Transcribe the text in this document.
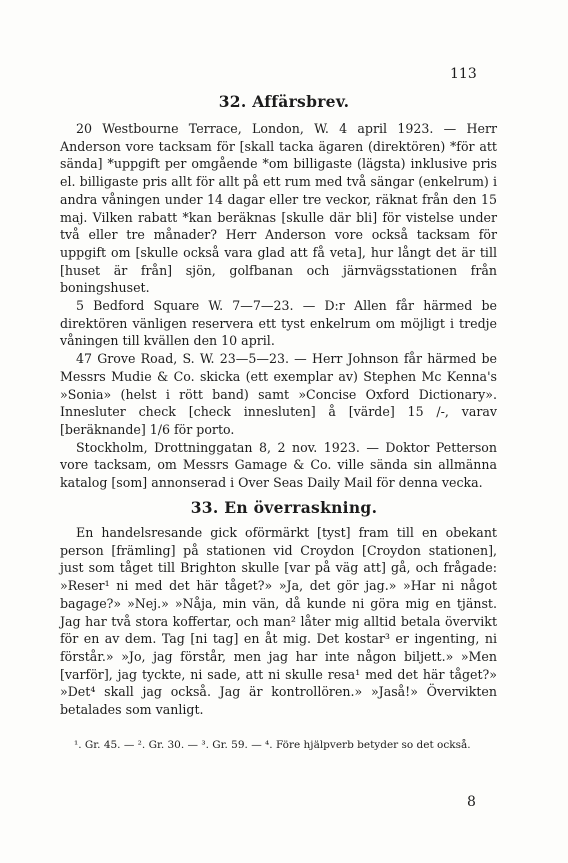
113
32. Affärsbrev.

20 Westbourne Terrace, London, W. 4 april 1923. — Herr Anderson vore tacksam för [skall tacka ägaren (direktören) *för att sända] *uppgift per omgående *om billigaste (lägsta) inklusive pris el. billigaste pris allt för allt på ett rum med två sängar (enkelrum) i andra våningen under 14 dagar eller tre veckor, räknat från den 15 maj. Vilken rabatt *kan beräknas [skulle där bli] för vistelse under två eller tre månader? Herr Anderson vore också tacksam för uppgift om [skulle också vara glad att få veta], hur långt det är till [huset är från] sjön, golfbanan och järnvägsstationen från boningshuset.

5 Bedford Square W. 7—7—23. — D:r Allen får härmed be direktören vänligen reservera ett tyst enkelrum om möjligt i tredje våningen till kvällen den 10 april.

47 Grove Road, S. W. 23—5—23. — Herr Johnson får härmed be Messrs Mudie & Co. skicka (ett exemplar av) Stephen Mc Kenna's »Sonia» (helst i rött band) samt »Concise Oxford Dictionary». Innesluter check [check innesluten] å [värde] 15 /-, varav [beräknande] 1/6 för porto.

Stockholm, Drottninggatan 8, 2 nov. 1923. — Doktor Petterson vore tacksam, om Messrs Gamage & Co. ville sända sin allmänna katalog [som] annonserad i Over Seas Daily Mail för denna vecka.

33. En överraskning.

En handelsresande gick oförmärkt [tyst] fram till en obekant person [främling] på stationen vid Croydon [Croydon stationen], just som tåget till Brighton skulle [var på väg att] gå, och frågade: »Reser¹ ni med det här tåget?» »Ja, det gör jag.» »Har ni något bagage?» »Nej.» »Nåja, min vän, då kunde ni göra mig en tjänst. Jag har två stora koffertar, och man² låter mig alltid betala övervikt för en av dem. Tag [ni tag] en åt mig. Det kostar³ er ingenting, ni förstår.» »Jo, jag förstår, men jag har inte någon biljett.» »Men [varför], jag tyckte, ni sade, att ni skulle resa¹ med det här tåget?» »Det⁴ skall jag också. Jag är kontrollören.» »Jaså!» Övervikten betalades som vanligt.

¹. Gr. 45. — ². Gr. 30. — ³. Gr. 59. — ⁴. Före hjälpverb betyder so det också.
8
